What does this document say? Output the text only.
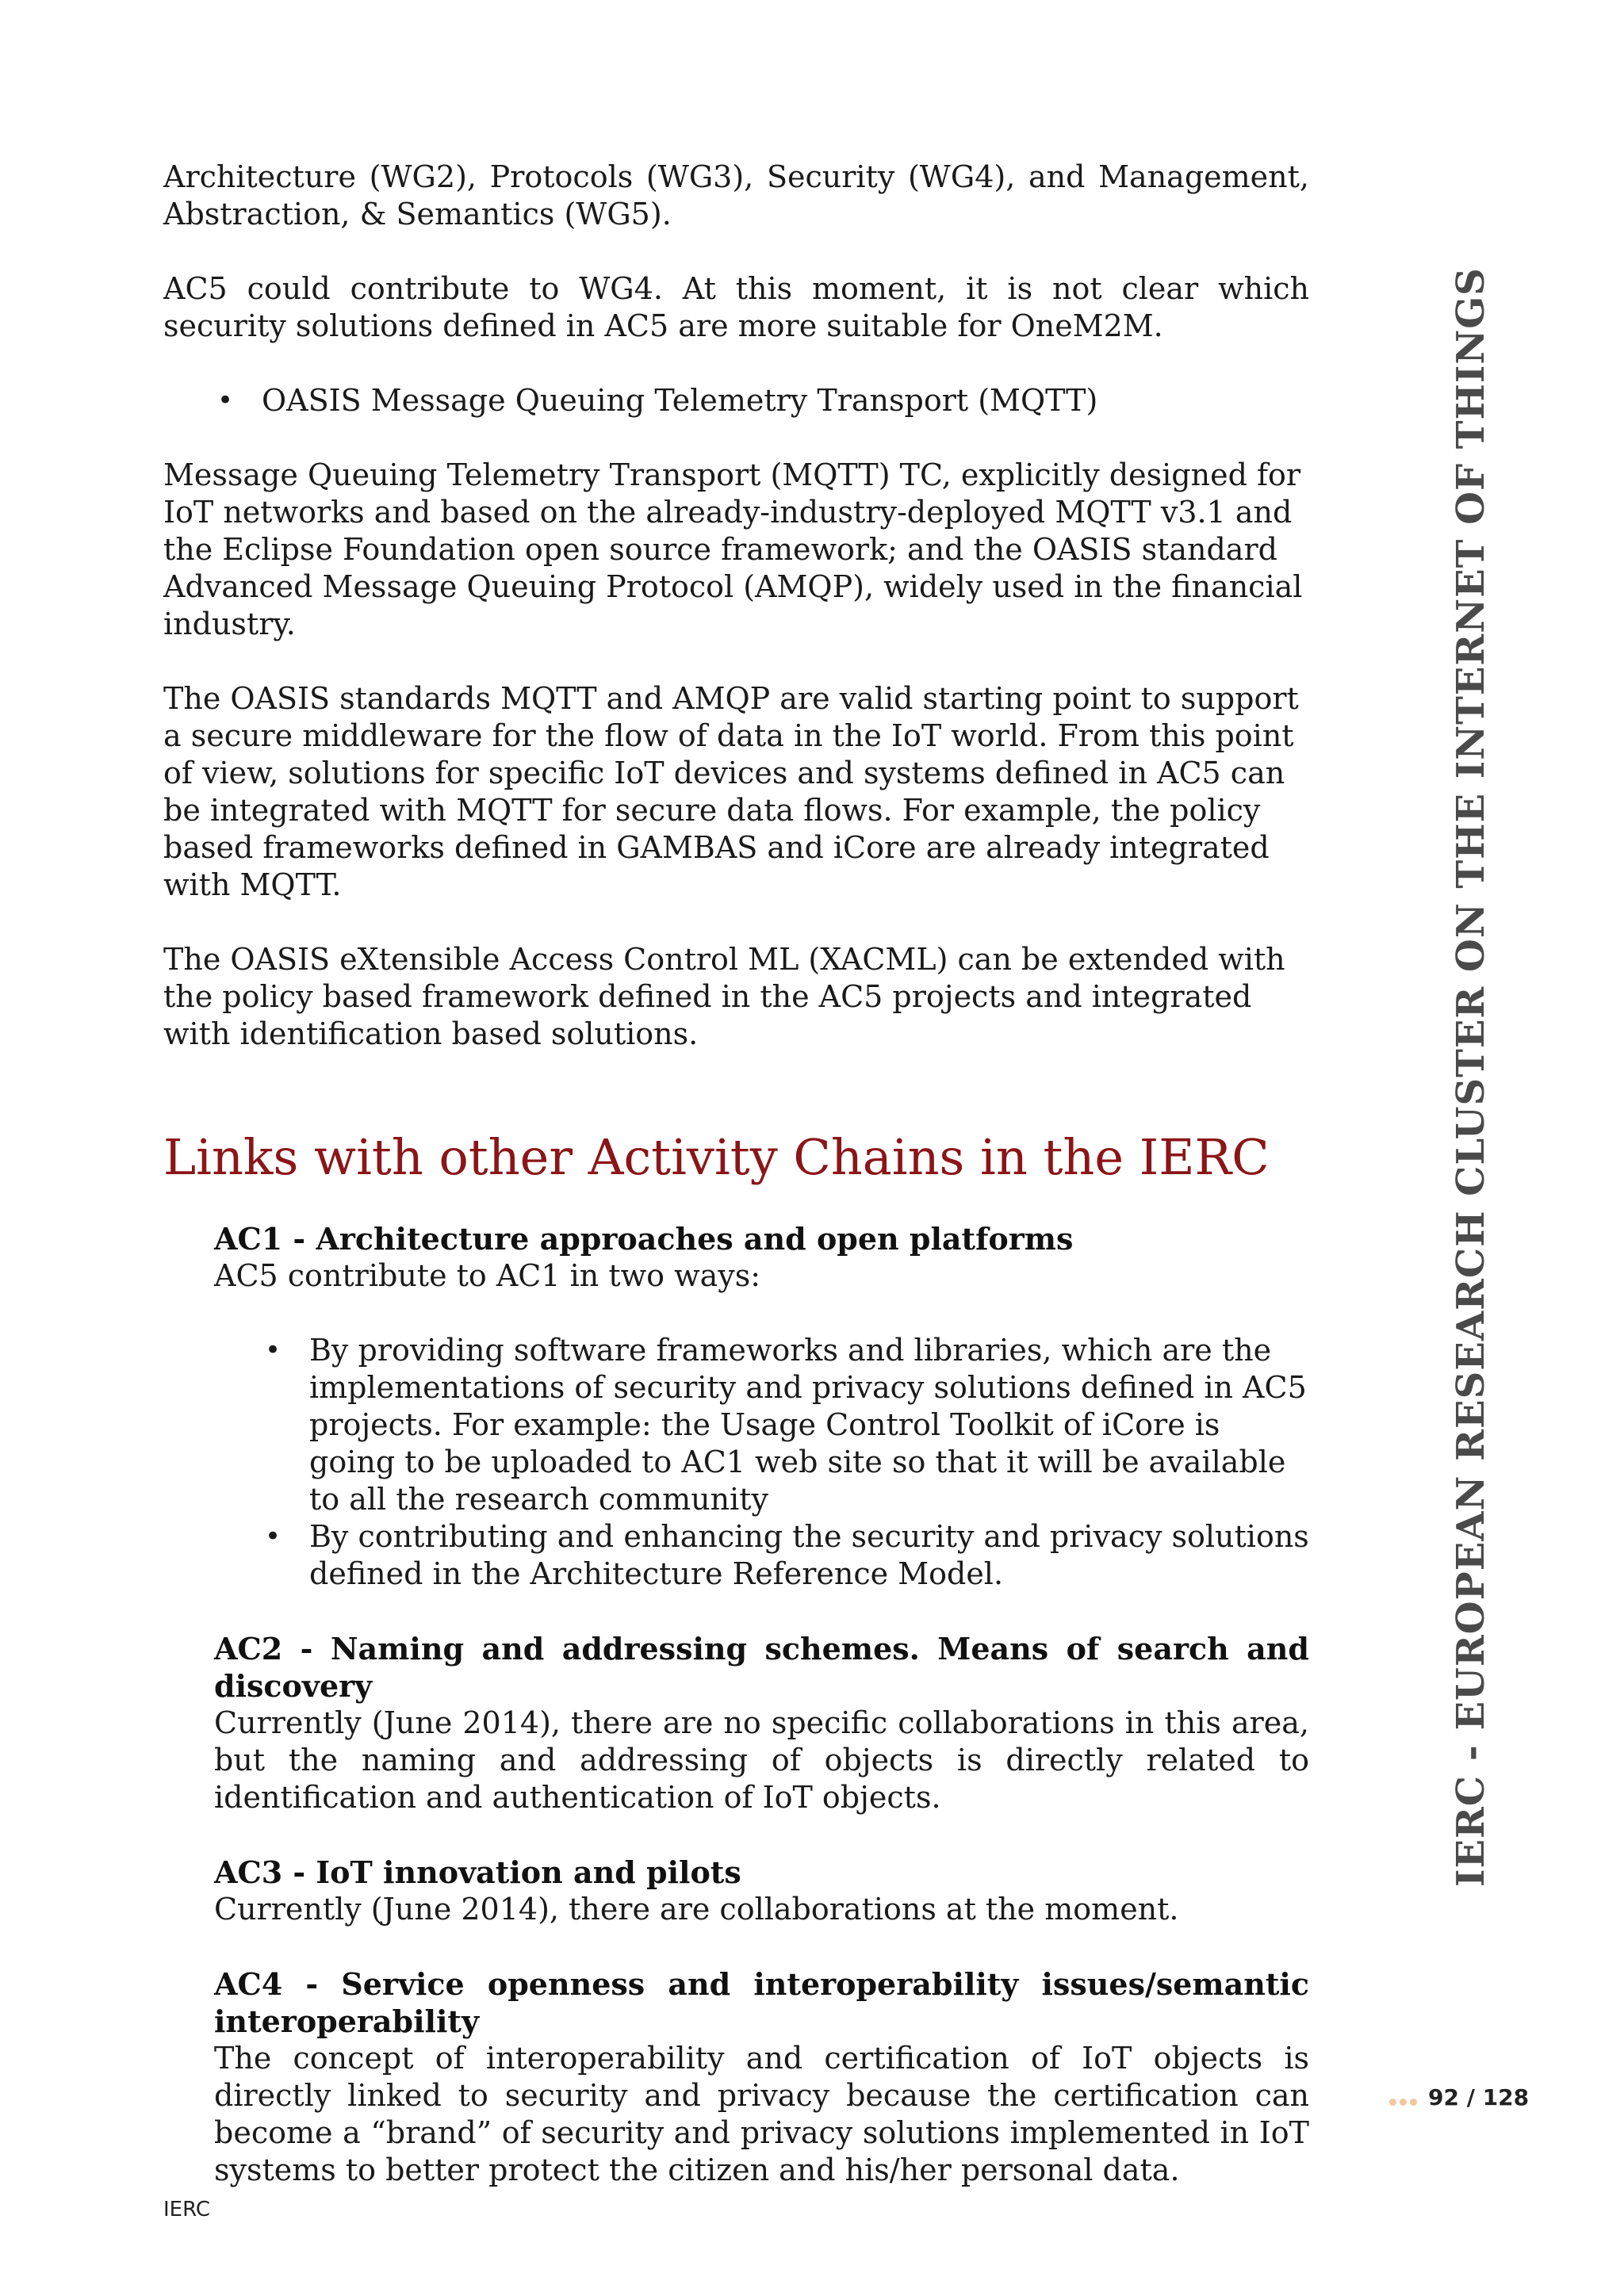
Architecture (WG2), Protocols (WG3), Security (WG4), and Management, Abstraction, & Semantics (WG5).

AC5 could contribute to WG4. At this moment, it is not clear which security solutions defined in AC5 are more suitable for OneM2M.

• OASIS Message Queuing Telemetry Transport (MQTT)

Message Queuing Telemetry Transport (MQTT) TC, explicitly designed for IoT networks and based on the already-industry-deployed MQTT v3.1 and the Eclipse Foundation open source framework; and the OASIS standard Advanced Message Queuing Protocol (AMQP), widely used in the financial industry.

The OASIS standards MQTT and AMQP are valid starting point to support a secure middleware for the flow of data in the IoT world. From this point of view, solutions for specific IoT devices and systems defined in AC5 can be integrated with MQTT for secure data flows. For example, the policy based frameworks defined in GAMBAS and iCore are already integrated with MQTT.

The OASIS eXtensible Access Control ML (XACML) can be extended with the policy based framework defined in the AC5 projects and integrated with identification based solutions.

Links with other Activity Chains in the IERC
AC1 - Architecture approaches and open platforms

AC5 contribute to AC1 in two ways:

• By providing software frameworks and libraries, which are the implementations of security and privacy solutions defined in AC5 projects. For example: the Usage Control Toolkit of iCore is going to be uploaded to AC1 web site so that it will be available to all the research community
• By contributing and enhancing the security and privacy solutions defined in the Architecture Reference Model.
AC2 - Naming and addressing schemes. Means of search and discovery

Currently (June 2014), there are no specific collaborations in this area, but the naming and addressing of objects is directly related to identification and authentication of IoT objects.

AC3 - IoT innovation and pilots

Currently (June 2014), there are collaborations at the moment.

AC4 - Service openness and interoperability issues/semantic interoperability

The concept of interoperability and certification of IoT objects is directly linked to security and privacy because the certification can become a “brand” of security and privacy solutions implemented in IoT systems to better protect the citizen and his/her personal data.

IERC - EUROPEAN RESEARCH CLUSTER ON THE INTERNET OF THINGS
92 / 128
IERC
